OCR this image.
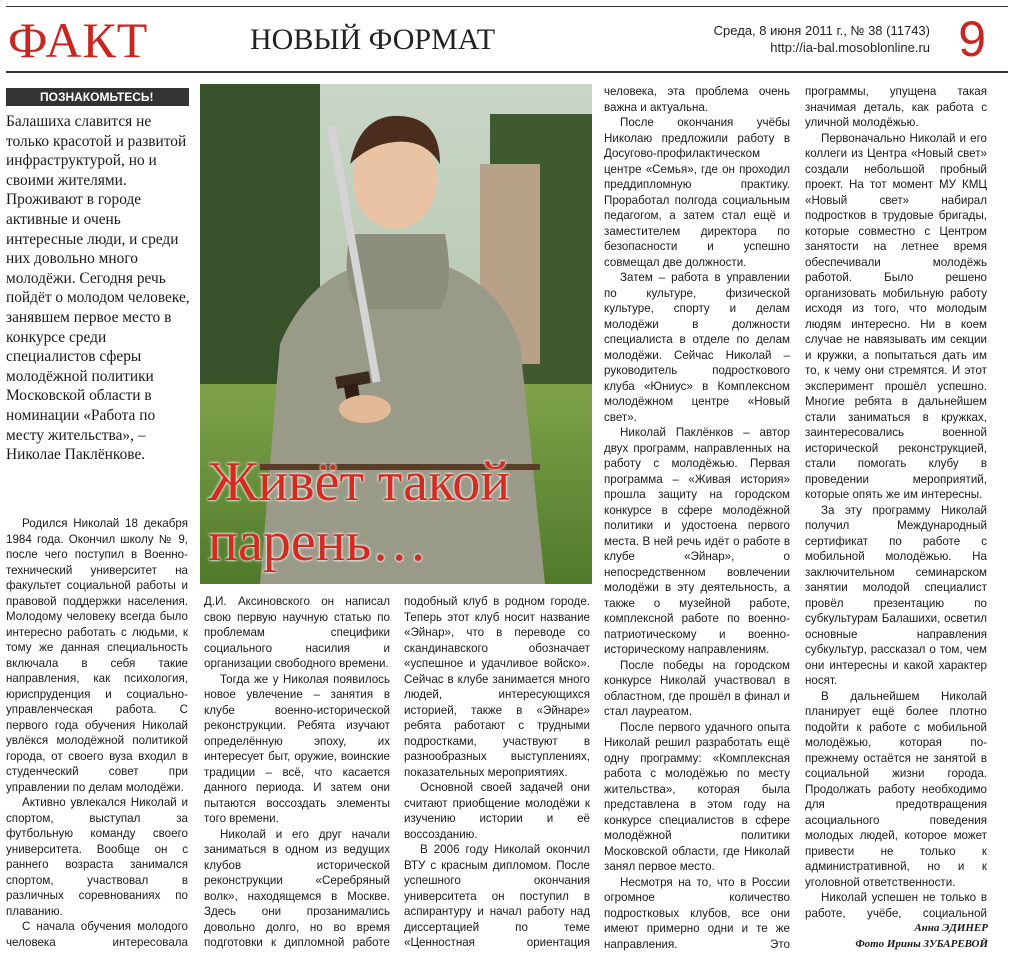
ФАКТ	НОВЫЙ ФОРМАТ	Среда, 8 июня 2011 г., № 38 (11743)
http://ia-bal.mosoblonline.ru 9
ПОЗНАКОМЬТЕСЬ!
Балашиха славится не только красотой и развитой инфраструктурой, но и своими жителями. Проживают в городе активные и очень интересные люди, и среди них довольно много молодёжи. Сегодня речь пойдёт о молодом человеке, занявшем первое место в конкурсе среди специалистов сферы молодёжной политики Московской области в номинации «Работа по месту жительства», – Николае Паклёнкове.	Живёт такой
парень…

Родился Николай 18 декабря 1984 года. Окончил школу № 9, после чего поступил в Военно-технический университет на факультет социальной работы и правовой поддержки населения. Молодому человеку всегда было интересно работать с людьми, к тому же данная специальность включала в себя такие направления, как психология, юриспруденция и социально-управленческая работа. С первого года обучения Николай увлёкся молодёжной политикой города, от своего вуза входил в студенческий совет при управлении по делам молодёжи.

Активно увлекался Николай и спортом, выступал за футбольную команду своего университета. Вообще он с раннего возраста занимался спортом, участвовал в различных соревнованиях по плаванию.

С начала обучения молодого человека интересовала

Д.И. Аксиновского он написал свою первую научную статью по проблемам специфики социального насилия и организации свободного времени.

Тогда же у Николая появилось новое увлечение – занятия в клубе военно-исторической реконструкции. Ребята изучают определённую эпоху, их интересует быт, оружие, воинские традиции – всё, что касается данного периода. И затем они пытаются воссоздать элементы того времени.

Николай и его друг начали заниматься в одном из ведущих клубов исторической реконструкции «Серебряный волк», находящемся в Москве. Здесь они прозанимались довольно долго, но во время подготовки к дипломной работе

подобный клуб в родном городе. Теперь этот клуб носит название «Эйнар», что в переводе со скандинавского обозначает «успешное и удачливое войско». Сейчас в клубе занимается много людей, интересующихся историей, также в «Эйнаре» ребята работают с трудными подростками, участвуют в разнообразных выступлениях, показательных мероприятиях.

Основной своей задачей они считают приобщение молодёжи к изучению истории и её воссозданию.

В 2006 году Николай окончил ВТУ с красным дипломом. После успешного окончания университета он поступил в аспирантуру и начал работу над диссертацией по теме «Ценностная ориентация

человека, эта проблема очень важна и актуальна.

После окончания учёбы Николаю предложили работу в Досугово-профилактическом центре «Семья», где он проходил преддипломную практику. Проработал полгода социальным педагогом, а затем стал ещё и заместителем директора по безопасности и успешно совмещал две должности.

Затем – работа в управлении по культуре, физической культуре, спорту и делам молодёжи в должности специалиста в отделе по делам молодёжи. Сейчас Николай – руководитель подросткового клуба «Юниус» в Комплексном молодёжном центре «Новый свет».

Николай Паклёнков – автор двух программ, направленных на работу с молодёжью. Первая программа – «Живая история» прошла защиту на городском конкурсе в сфере молодёжной политики и удостоена первого места. В ней речь идёт о работе в клубе «Эйнар», о непосредственном вовлечении молодёжи в эту деятельность, а также о музейной работе, комплексной работе по военно-патриотическому и военно-историческому направлениям.

После победы на городском конкурсе Николай участвовал в областном, где прошёл в финал и стал лауреатом.

После первого удачного опыта Николай решил разработать ещё одну программу: «Комплексная работа с молодёжью по месту жительства», которая была представлена в этом году на конкурсе специалистов в сфере молодёжной политики Московской области, где Николай занял первое место.

Несмотря на то, что в России огромное количество подростковых клубов, все они имеют примерно одни и те же направления. Это

программы, упущена такая значимая деталь, как работа с уличной молодёжью.

Первоначально Николай и его коллеги из Центра «Новый свет» создали небольшой пробный проект. На тот момент МУ КМЦ «Новый свет» набирал подростков в трудовые бригады, которые совместно с Центром занятости на летнее время обеспечивали молодёжь работой. Было решено организовать мобильную работу исходя из того, что молодым людям интересно. Ни в коем случае не навязывать им секции и кружки, а попытаться дать им то, к чему они стремятся. И этот эксперимент прошёл успешно. Многие ребята в дальнейшем стали заниматься в кружках, заинтересовались военной исторической реконструкцией, стали помогать клубу в проведении мероприятий, которые опять же им интересны.

За эту программу Николай получил Международный сертификат по работе с мобильной молодёжью. На заключительном семинарском занятии молодой специалист провёл презентацию по субкультурам Балашихи, осветил основные направления субкультур, рассказал о том, чем они интересны и какой характер носят.

В дальнейшем Николай планирует ещё более плотно подойти к работе с мобильной молодёжью, которая по-прежнему остаётся не занятой в социальной жизни города. Продолжать работу необходимо для предотвращения асоциального поведения молодых людей, которое может привести не только к административной, но и к уголовной ответственности.

Николай успешен не только в работе, учёбе, социальной

Анна ЭДИНЕР
Фото Ирины ЗУБАРЕВОЙ
